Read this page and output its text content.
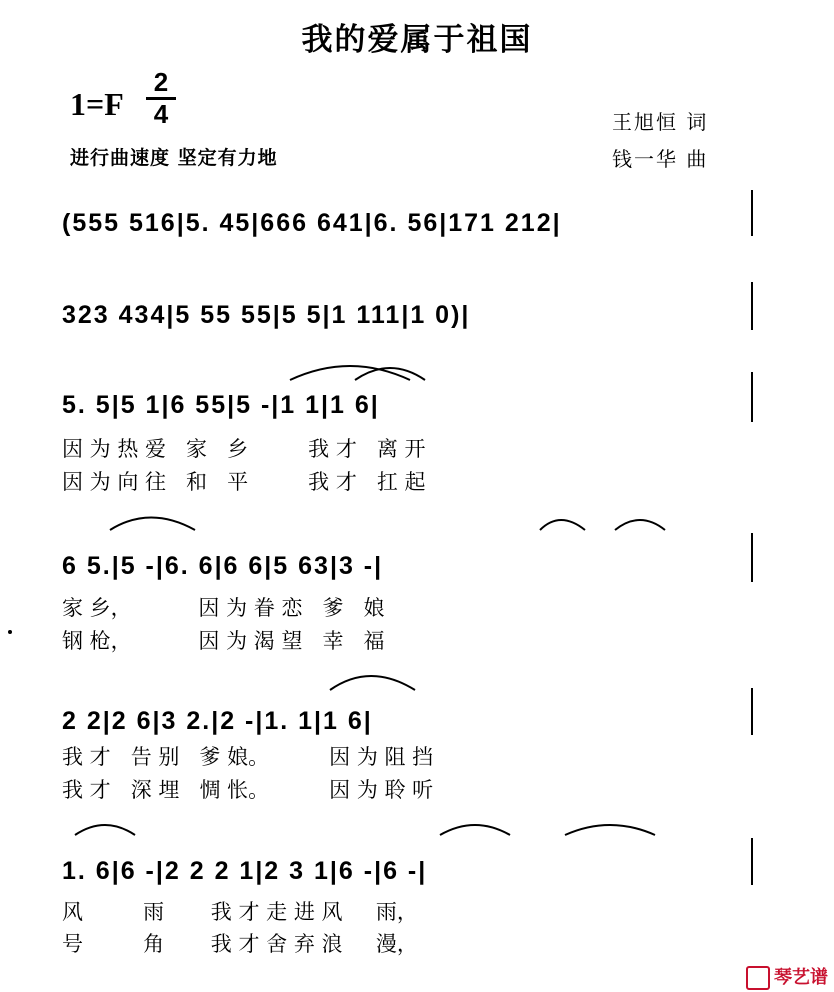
我的爱属于祖国
1=F
2
4
进行曲速度 坚定有力地
王旭恒 词
钱一华 曲
(555 516|5. 45|666 641|6. 56|171 212|
323 434|5 55 55|5 5|1 111|1 0)|
5. 5|5 1|6 55|5 -|1 1|1 6|
因 为 热 爱   家   乡         我 才   离 开
因 为 向 往   和   平         我 才   扛 起
6 5.|5 -|6. 6|6 6|5 63|3 -|
家 乡，          因 为 眷 恋   爹   娘
钢 枪，          因 为 渴 望   幸   福
2 2|2 6|3 2.|2 -|1. 1|1 6|
我 才   告 别   爹 娘。         因 为 阻 挡
我 才   深 埋   惆 怅。         因 为 聆 听
1. 6|6 -|2 2 2 1|2 3 1|6 -|6 -|
风         雨       我 才 走 进 风     雨，
号         角       我 才 舍 弃 浪     漫，
琴艺谱
